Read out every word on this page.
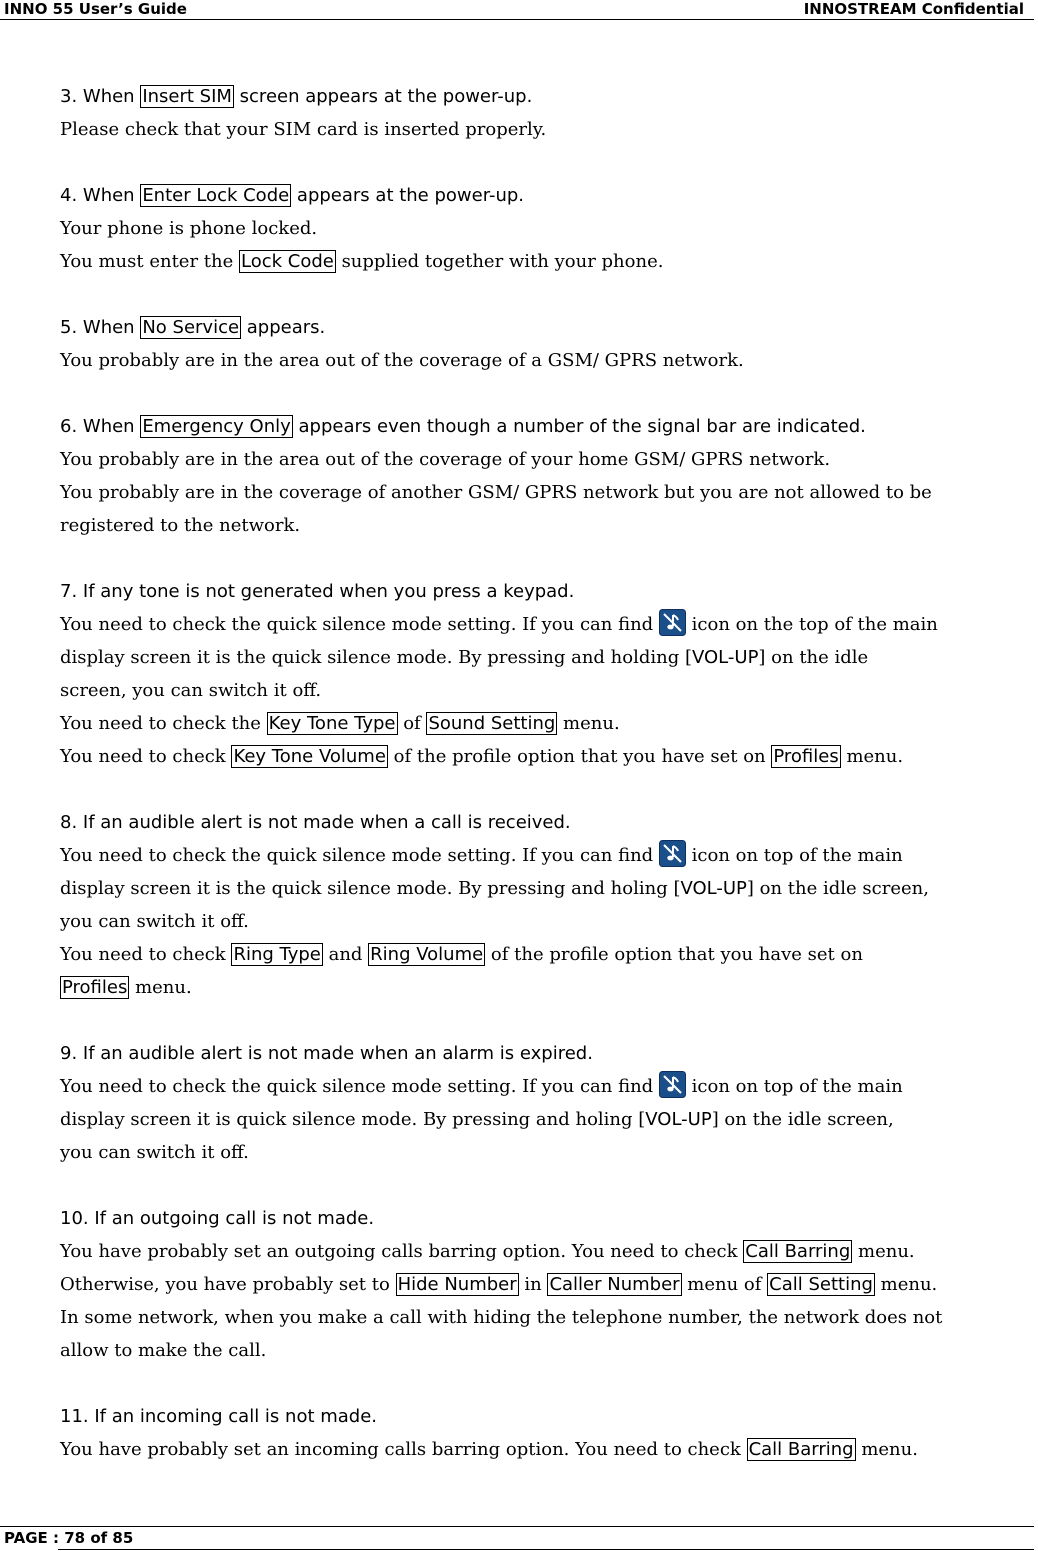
INNO 55 User’s Guide	INNOSTREAM Confidential
3. When Insert SIM screen appears at the power-up.
Please check that your SIM card is inserted properly.
4. When Enter Lock Code appears at the power-up.
Your phone is phone locked.
You must enter the Lock Code supplied together with your phone.
5. When No Service appears.
You probably are in the area out of the coverage of a GSM/ GPRS network.
6. When Emergency Only appears even though a number of the signal bar are indicated.
You probably are in the area out of the coverage of your home GSM/ GPRS network.
You probably are in the coverage of another GSM/ GPRS network but you are not allowed to be
registered to the network.
7. If any tone is not generated when you press a keypad.
You need to check the quick silence mode setting. If you can find  icon on the top of the main
display screen it is the quick silence mode. By pressing and holding [VOL-UP] on the idle
screen, you can switch it off.
You need to check the Key Tone Type of Sound Setting menu.
You need to check Key Tone Volume of the profile option that you have set on Profiles menu.
8. If an audible alert is not made when a call is received.
You need to check the quick silence mode setting. If you can find  icon on top of the main
display screen it is the quick silence mode. By pressing and holing [VOL-UP] on the idle screen,
you can switch it off.
You need to check Ring Type and Ring Volume of the profile option that you have set on
Profiles menu.
9. If an audible alert is not made when an alarm is expired.
You need to check the quick silence mode setting. If you can find  icon on top of the main
display screen it is quick silence mode. By pressing and holing [VOL-UP] on the idle screen,
you can switch it off.
10. If an outgoing call is not made.
You have probably set an outgoing calls barring option. You need to check Call Barring menu.
Otherwise, you have probably set to Hide Number in Caller Number menu of Call Setting menu.
In some network, when you make a call with hiding the telephone number, the network does not
allow to make the call.
11. If an incoming call is not made.
You have probably set an incoming calls barring option. You need to check Call Barring menu.
PAGE : 78 of 85
